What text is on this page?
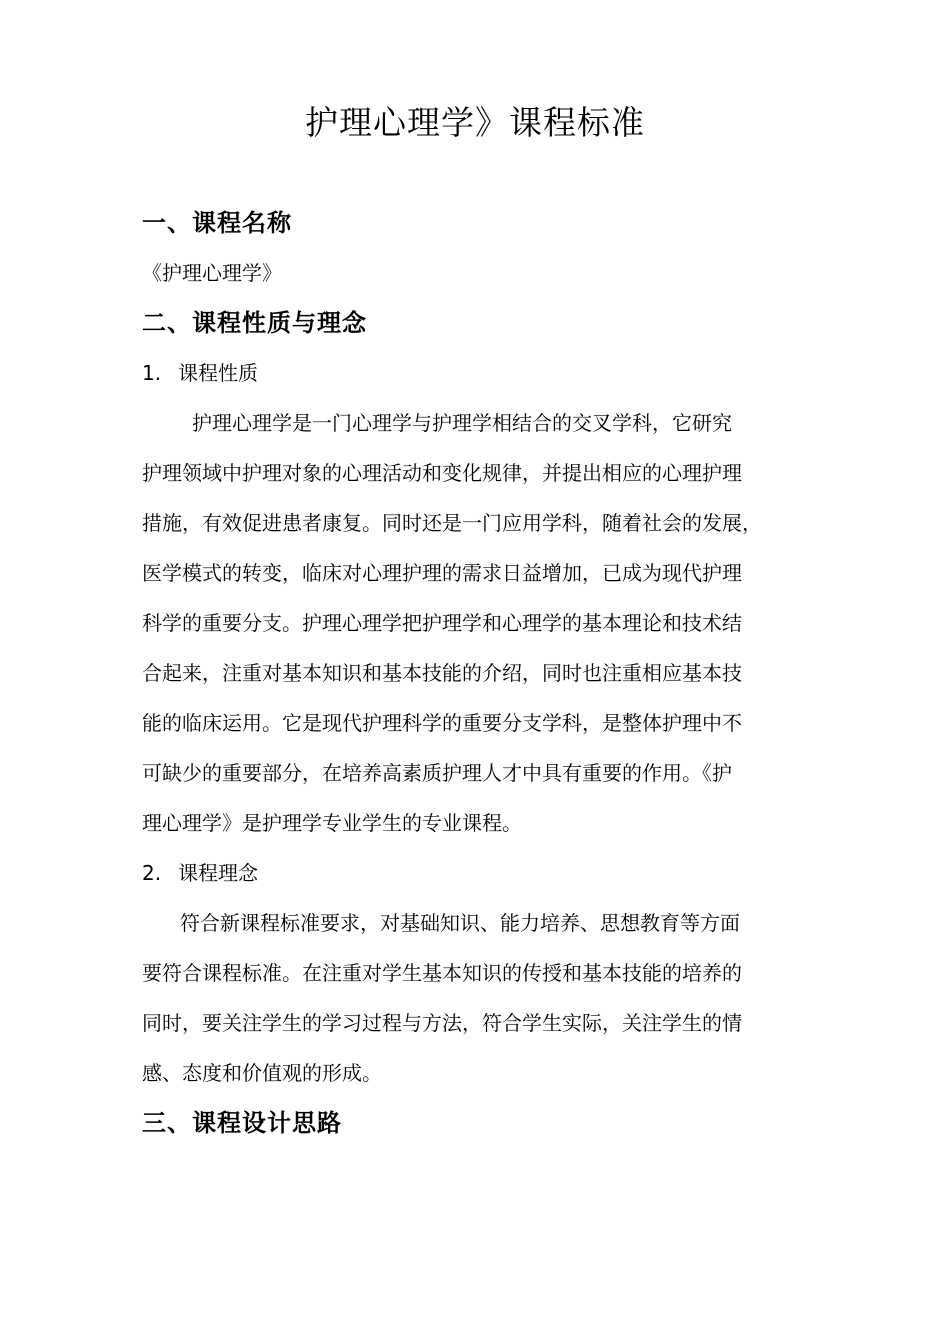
护理心理学》课程标准
一、课程名称
《护理心理学》
二、课程性质与理念
1. 课程性质

护理心理学是一门心理学与护理学相结合的交叉学科，它研究

护理领域中护理对象的心理活动和变化规律，并提出相应的心理护理

措施，有效促进患者康复。同时还是一门应用学科，随着社会的发展，

医学模式的转变，临床对心理护理的需求日益增加，已成为现代护理

科学的重要分支。护理心理学把护理学和心理学的基本理论和技术结

合起来，注重对基本知识和基本技能的介绍，同时也注重相应基本技

能的临床运用。它是现代护理科学的重要分支学科，是整体护理中不

可缺少的重要部分，在培养高素质护理人才中具有重要的作用。《护

理心理学》是护理学专业学生的专业课程。

2. 课程理念

符合新课程标准要求，对基础知识、能力培养、思想教育等方面

要符合课程标准。在注重对学生基本知识的传授和基本技能的培养的

同时，要关注学生的学习过程与方法，符合学生实际，关注学生的情

感、态度和价值观的形成。

三、课程设计思路
